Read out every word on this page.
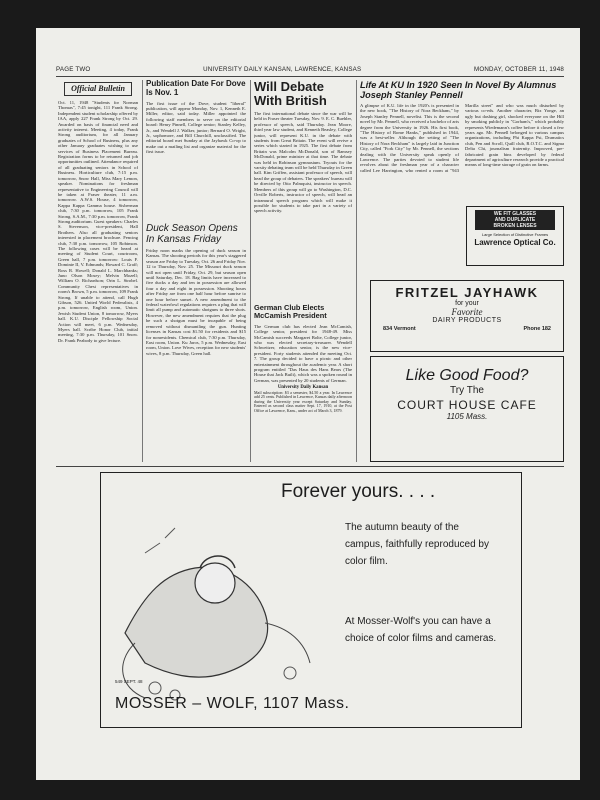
PAGE TWO	UNIVERSITY DAILY KANSAN, LAWRENCE, KANSAS	MONDAY, OCTOBER 11, 1948
Official Bulletin

Oct. 11, 1948 "Students for Norman Thomas", 7:45 tonight, 111 Frank Strong. Independent student scholarship offered by IAA, apply 227 Frank Strong by Oct. 29. Awarded on basis of financial need and activity interest. Meeting, 4 today, Frank Strong auditorium, for all January graduates of School of Business, plus any other January graduates wishing to use services of Business Placement Bureau. Registration forms to be returned and job opportunities outlined. Attendance required of all graduating seniors in School of Business. Horticulture club, 7:15 p.m. tomorrow, Snow Hall, Miss Mary Lemon, speaker. Nominations for freshman representative to Engineering Council will be taken at Fraser theater, 11 a.m. tomorrow. A.W.S. House, 4 tomorrow, Kappa Kappa Gamma house. Sisberman club, 7:30 p.m. tomorrow, 105 Frank Strong. S.A.M., 7:30 p.m. tomorrow, Frank Strong auditorium. Guest speakers: Charles S. Stevenson, vice-president, Hall Brothers. Also all graduating seniors interested in placement brochure. Fencing club, 7:30 p.m. tomorrow, 105 Robinson. The following cases will be heard at meeting of Student Court, courtroom, Green hall, 7 p.m. tomorrow: Louis F. Dominie II, V. Edmunds; Howard C. Graff; Ross R. Howell; Donald L. Marchbanks; Juno Olson Mosey; Melvin Mozell; William O. Richardson; Orin L. Strobel. Community Chest representatives in room's Brown, 5 p.m. tomorrow, 109 Frank Strong. If unable to attend, call Hugh Gibson, 526. United World Federalists, 4 p.m. tomorrow, English room, Union. Jewish Student Union, 8 tomorrow, Myers hall. K.U. Disciple Fellowship Social Action will meet, 6 p.m. Wednesday, Myers hall. Scribe Honor Club, initial meeting, 7:30 p.m. Thursday, 101 Snow. Dr. Frank Peabody to give lecture.

Publication Date For Dove Is Nov. 1

The first issue of the Dove, student "liberal" publication, will appear Monday, Nov. 1, Kenneth E. Miller, editor, said today. Miller appointed the following staff members to serve on the editorial board: Henry Pinnell, College senior; Stanley Kelley, Jr., and Wendell J. Walker, junior; Bernard O. Wright, Jr., sophomore, and Bill Churchill, unclassified. The editorial board met Sunday at the Jayhawk Co-op to make out a mailing list and organize material for the first issue.

Duck Season Opens In Kansas Friday

Friday noon marks the opening of duck season in Kansas. The shooting periods for this year's staggered season are Friday to Tuesday, Oct. 26 and Friday Nov. 12 to Thursday, Nov. 25. The Missouri duck season will not open until Friday, Oct. 29, but season open until Saturday, Dec. 18. Bag limits have increased to five ducks a day and ten in possession are allowed four a day and eight in possession. Shooting hours after Friday are from one half hour before sunrise to one hour before sunset. A new amendment to the federal waterfowl regulations requires a plug that will limit all pump and automatic shotguns to three shots. However, the new amendment requires that the plug be such a shotgun must be incapable of being removed without dismantling the gun. Hunting licenses in Kansas cost $1.50 for residents and $15 for nonresidents. Chemical club, 7:30 p.m. Thursday, East room, Union. Ku Jaros, 5 p.m. Wednesday, East room, Union. Love Wives, reception for new students' wives, 8 p.m. Thursday, Green hall.

Will Debate With British

The first international debate since the war will be held in Fraser theater Tuesday, Nov. 9. E. C. Buehler, professor of speech, said Thursday. Jean Moore, third year law student, and Kenneth Beasley, College junior, will represent K.U. in the debate with students from Great Britain. The event will revive a series which started in 1925. The first debate from Britain was Malcolm McDonald, son of Ramsey McDonald, prime minister at that time. The debate was held in Robinson gymnasium. Tryouts for the varsity debating team will be held Thursday in Green hall. Kim Griffen, assistant professor of speech, will head the group of debaters. The speakers' bureau will be directed by Otto Palmquist, instructor in speech. Members of this group will go to Washington, D.C. Orville Roberts, instructor of speech, will head an intramural speech program which will make it possible for students to take part in a variety of speech activity.

German Club Elects McCamish President

The German club has elected Jean McCamish, College senior, president for 1948-49. Miss McCamish succeeds Margaret Bolte, College junior, who was elected secretary-treasurer. Wendell Schweitzer, education senior, is the new vice-president. Forty students attended the meeting Oct. 7. The group decided to have a picnic and other entertainment throughout the academic year. A short program entitled "Das Haus des Hans Bears (The House that Jack Built), which was a spoken round in German, was presented by 20 students of German.

University Daily Kansan

Mail subscription: $3 a semester, $4.50 a year. In Lawrence add 25 cents. Published in Lawrence, Kansas daily afternoon during the University year except Saturday and Sunday. Entered as second class matter Sept. 17, 1910, at the Post Office at Lawrence, Kans., under act of March 3, 1879.

Life At KU In 1920 Seen In Novel By Alumnus Joseph Stanley Pennell

A glimpse of K.U. life in the 1920's is presented in the new book, "The History of Nora Beckham," by Joseph Stanley Pennell, novelist. This is the second novel by Mr. Pennell, who received a bachelor of arts degree from the University in 1926. His first book, "The History of Rome Hanks," published in 1944, was a best-seller. Although the setting of "The History of Nora Beckham" is largely laid in Junction City, called "Fork City" by Mr. Pennell, the sections dealing with the University speak openly of Lawrence. The parties devoted to student life revolves about the freshman year of a character called Lee Harrington, who rented a room at "943 Marilla street" and who was much disturbed by various co-eds. Another character, Bix Yonge, an ugly but dashing girl, shocked everyone on the Hill by smoking publicly in "Gorham's," which probably represents Wiedemann's coffee before it closed a few years ago. Mr. Pennell belonged to various campus organizations, including Phi Kappa Psi, Dramatics club, Pen and Scroll, Quill club, R.O.T.C. and Sigma Delta Chi, journalism fraternity. Improved, pre-fabricated grain bins developed by federal department of agriculture research provide a practical means of long-time storage of grain on farms.

WE FIT GLASSES
AND DUPLICATE
BROKEN LENSES
Large Selection of Distinctive Frames
Lawrence Optical Co.
FRITZEL JAYHAWK
for your
Favorite
DAIRY PRODUCTS
834 Vermont	Phone 182
Like Good Food?
Try The
COURT HOUSE CAFE
1105 Mass.
Forever yours. . . .
The autumn beauty of the campus, faithfully reproduced by color film.
At Mosser-Wolf's you can have a choice of color films and cameras.
549 SEPT. 48
MOSSER – WOLF, 1107 Mass.
